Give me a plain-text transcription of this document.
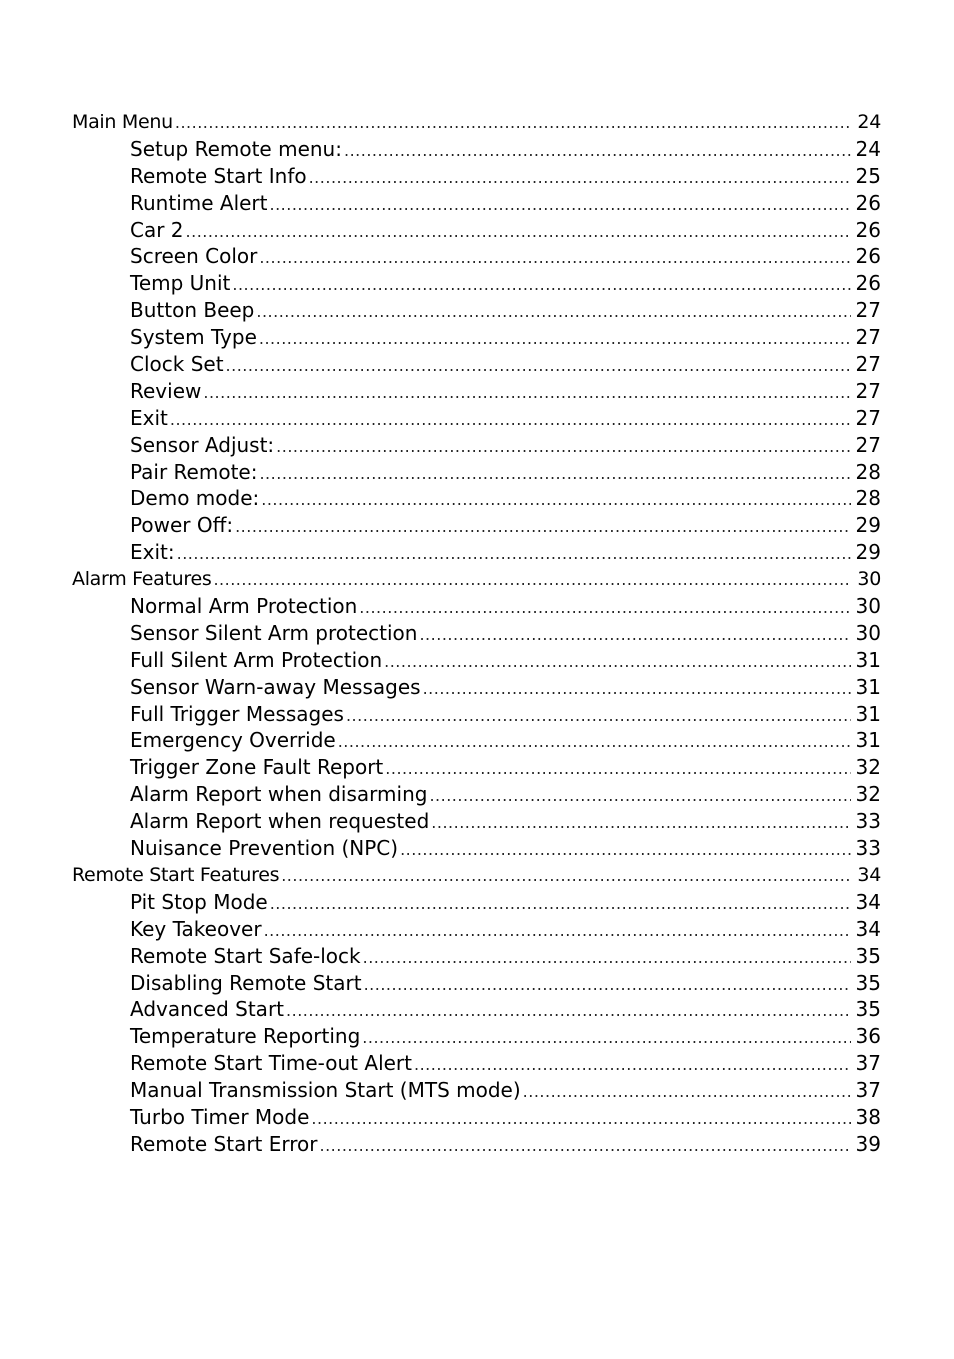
Main Menu .....	24
Setup Remote menu: .....	24
Remote Start Info .....	25
Runtime Alert .....	26
Car 2 .....	26
Screen Color .....	26
Temp Unit .....	26
Button Beep .....	27
System Type .....	27
Clock Set .....	27
Review .....	27
Exit .....	27
Sensor Adjust: .....	27
Pair Remote: .....	28
Demo mode: .....	28
Power Off: .....	29
Exit: .....	29
Alarm Features .....	30
Normal Arm Protection .....	30
Sensor Silent Arm protection .....	30
Full Silent Arm Protection .....	31
Sensor Warn-away Messages .....	31
Full Trigger Messages .....	31
Emergency Override .....	31
Trigger Zone Fault Report .....	32
Alarm Report when disarming .....	32
Alarm Report when requested .....	33
Nuisance Prevention (NPC) .....	33
Remote Start Features .....	34
Pit Stop Mode .....	34
Key Takeover .....	34
Remote Start Safe-lock .....	35
Disabling Remote Start .....	35
Advanced Start .....	35
Temperature Reporting .....	36
Remote Start Time-out Alert .....	37
Manual Transmission Start (MTS mode) .....	37
Turbo Timer Mode .....	38
Remote Start Error .....	39
